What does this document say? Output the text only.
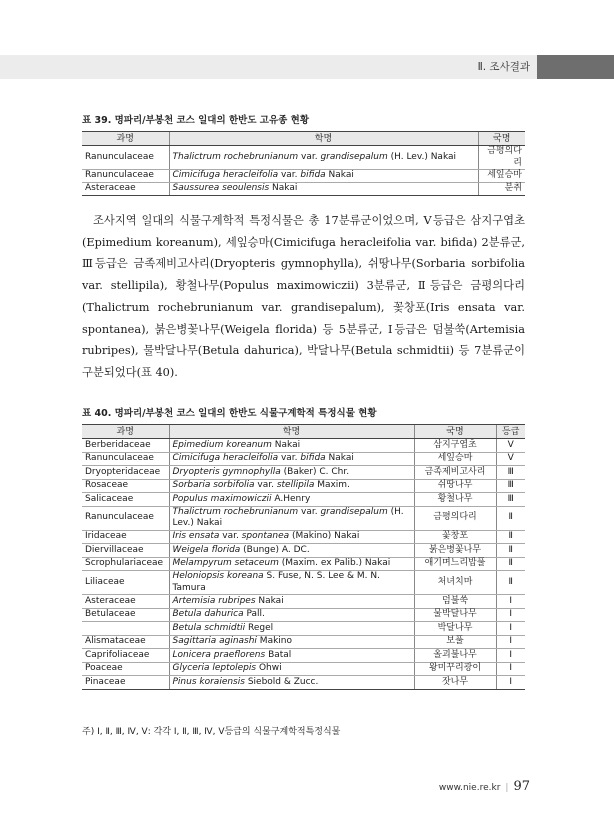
Ⅱ. 조사결과
표 39. 명파리/부봉천 코스 일대의 한반도 고유종 현황
과명	학명	국명
Ranunculaceae	Thalictrum rochebrunianum var. grandisepalum (H. Lev.) Nakai	금평의다리
Ranunculaceae	Cimicifuga heracleifolia var. bifida Nakai	세잎승마
Asteraceae	Saussurea seoulensis Nakai	분취

조사지역 일대의 식물구계학적 특정식물은 총 17분류군이었으며, Ⅴ등급은 삼지구엽초(Epimedium koreanum), 세잎승마(Cimicifuga heracleifolia var. bifida) 2분류군, Ⅲ등급은 금족제비고사리(Dryopteris gymnophylla), 쉬땅나무(Sorbaria sorbifolia var. stellipila), 황철나무(Populus maximowiczii) 3분류군, Ⅱ등급은 금평의다리(Thalictrum rochebrunianum var. grandisepalum), 꽃창포(Iris ensata var. spontanea), 붉은병꽃나무(Weigela florida) 등 5분류군, Ⅰ등급은 덤불쑥(Artemisia rubripes), 물박달나무(Betula dahurica), 박달나무(Betula schmidtii) 등 7분류군이 구분되었다(표 40).

표 40. 명파리/부봉천 코스 일대의 한반도 식물구계학적 특정식물 현황
과명	학명	국명	등급
Berberidaceae	Epimedium koreanum Nakai	삼지구엽초	Ⅴ
Ranunculaceae	Cimicifuga heracleifolia var. bifida Nakai	세잎승마	Ⅴ
Dryopteridaceae	Dryopteris gymnophylla (Baker) C. Chr.	금족제비고사리	Ⅲ
Rosaceae	Sorbaria sorbifolia var. stellipila Maxim.	쉬땅나무	Ⅲ
Salicaceae	Populus maximowiczii A.Henry	황철나무	Ⅲ
Ranunculaceae	Thalictrum rochebrunianum var. grandisepalum (H. Lev.) Nakai	금평의다리	Ⅱ
Iridaceae	Iris ensata var. spontanea (Makino) Nakai	꽃창포	Ⅱ
Diervillaceae	Weigela florida (Bunge) A. DC.	붉은병꽃나무	Ⅱ
Scrophulariaceae	Melampyrum setaceum (Maxim. ex Palib.) Nakai	애기며느리밥풀	Ⅱ
Liliaceae	Heloniopsis koreana S. Fuse, N. S. Lee & M. N. Tamura	처녀치마	Ⅱ
Asteraceae	Artemisia rubripes Nakai	덤불쑥	Ⅰ
Betulaceae	Betula dahurica Pall.	물박달나무	Ⅰ
	Betula schmidtii Regel	박달나무	Ⅰ
Alismataceae	Sagittaria aginashi Makino	보풀	Ⅰ
Caprifoliaceae	Lonicera praeflorens Batal	올괴불나무	Ⅰ
Poaceae	Glyceria leptolepis Ohwi	왕미꾸리광이	Ⅰ
Pinaceae	Pinus koraiensis Siebold & Zucc.	잣나무	Ⅰ
주) Ⅰ, Ⅱ, Ⅲ, Ⅳ, Ⅴ: 각각 Ⅰ, Ⅱ, Ⅲ, Ⅳ, Ⅴ등급의 식물구계학적특정식물
www.nie.re.kr | 97
